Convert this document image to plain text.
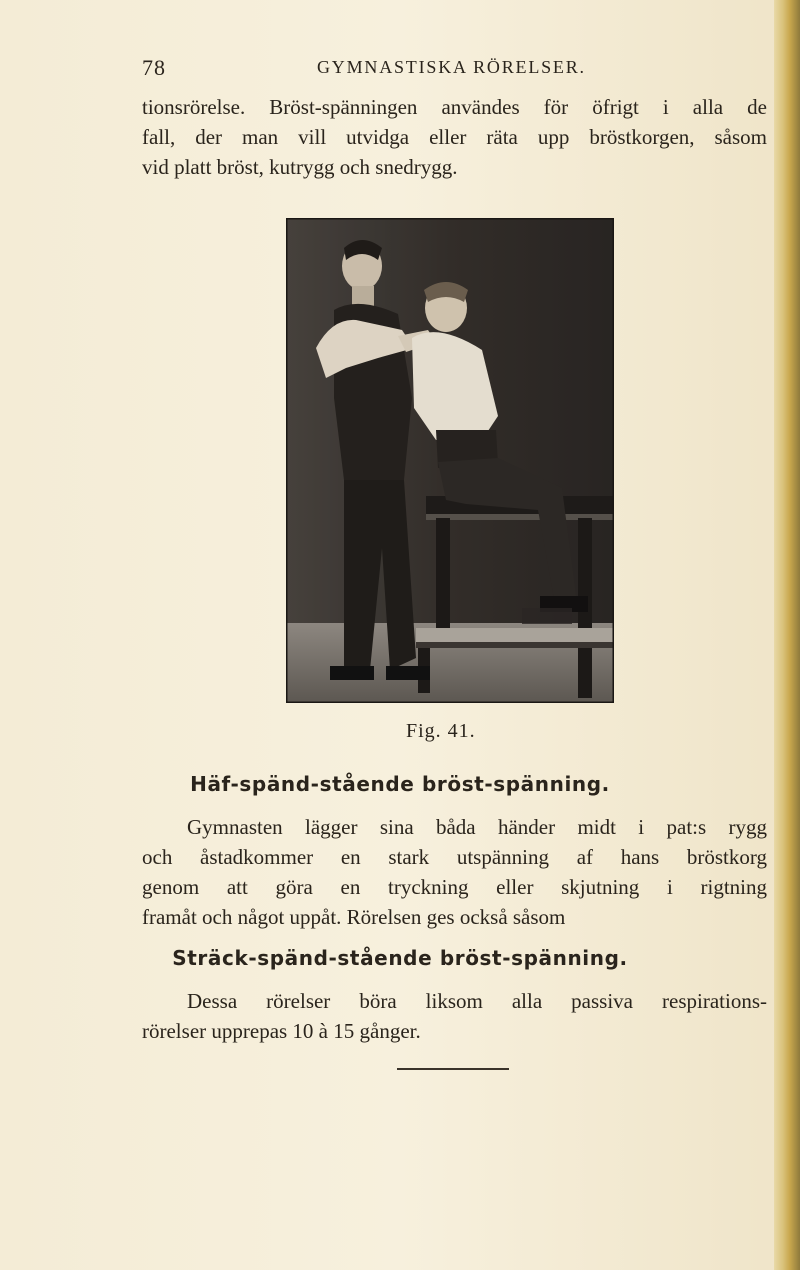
78	GYMNASTISKA RÖRELSER.

tionsrörelse. Bröst-spänningen användes för öfrigt i alla de
fall, der man vill utvidga eller räta upp bröstkorgen, såsom
vid platt bröst, kutrygg och snedrygg.

Fig. 41.
Häf-spänd-stående bröst-spänning.

Gymnasten lägger sina båda händer midt i pat:s rygg
och åstadkommer en stark utspänning af hans bröstkorg
genom att göra en tryckning eller skjutning i rigtning
framåt och något uppåt. Rörelsen ges också såsom

Sträck-spänd-stående bröst-spänning.

Dessa rörelser böra liksom alla passiva respirations-
rörelser upprepas 10 à 15 gånger.
